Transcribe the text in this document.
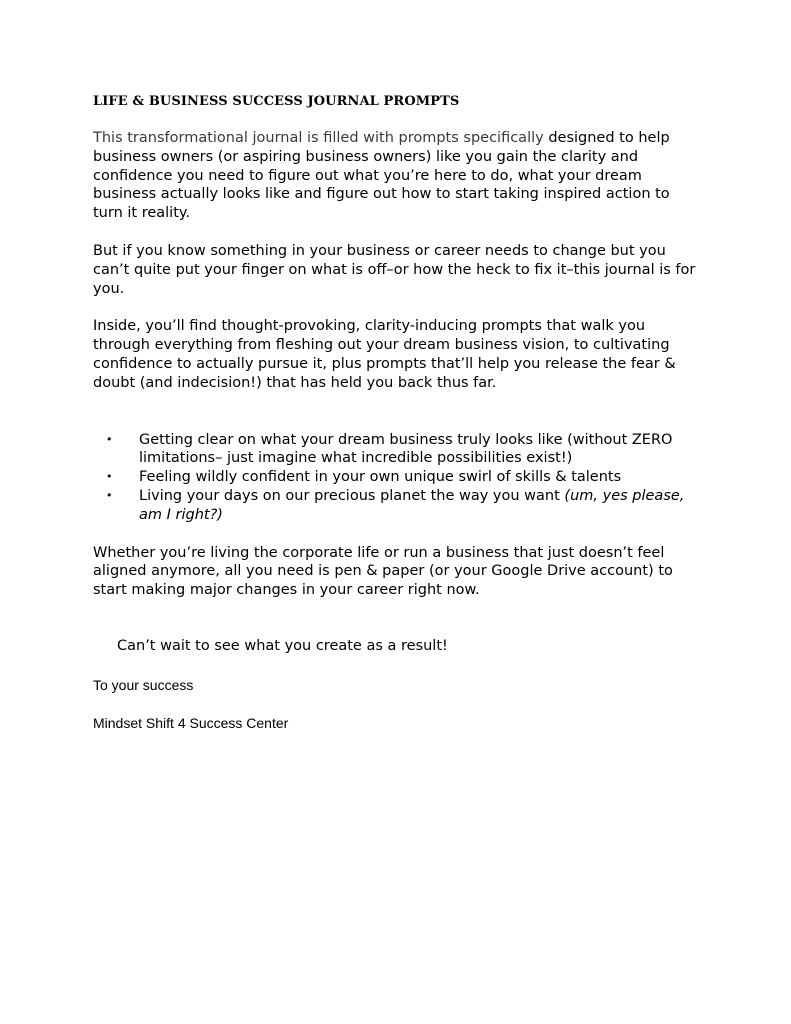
LIFE & BUSINESS SUCCESS JOURNAL PROMPTS

This transformational journal is filled with prompts specifically designed to help business owners (or aspiring business owners) like you gain the clarity and confidence you need to figure out what you’re here to do, what your dream business actually looks like and figure out how to start taking inspired action to turn it reality.

But if you know something in your business or career needs to change but you can’t quite put your finger on what is off–or how the heck to fix it–this journal is for you.

Inside, you’ll find thought-provoking, clarity-inducing prompts that walk you through everything from fleshing out your dream business vision, to cultivating confidence to actually pursue it, plus prompts that’ll help you release the fear & doubt (and indecision!) that has held you back thus far.

• Getting clear on what your dream business truly looks like (without ZERO limitations– just imagine what incredible possibilities exist!)
• Feeling wildly confident in your own unique swirl of skills & talents
• Living your days on our precious planet the way you want (um, yes please, am I right?)

Whether you’re living the corporate life or run a business that just doesn’t feel aligned anymore, all you need is pen & paper (or your Google Drive account) to start making major changes in your career right now.

Can’t wait to see what you create as a result!

To your success

Mindset Shift 4 Success Center
